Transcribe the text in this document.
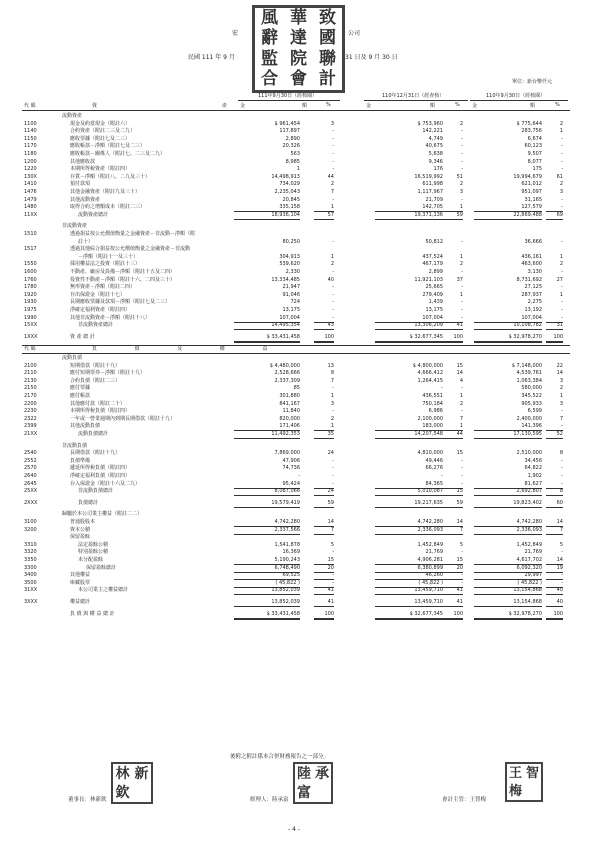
風 華 致
辭 達 國
監 院 聯
合 會 計
宏	公司
民國 111 年 9 月	31 日及 9 月 30 日
單位：新台幣仟元
111年9月30日（經核閱）	110年12月31日（經查核）	110年9月30日（經核閱）
代 碼	資	產	金	額	%	金	額	% 金	額	%
流動資產
1100	現金及約當現金（附註六）	$ 961,454	3	$ 753,960	2	$ 775,644	2
1140	合約資產（附註二三及二九）	117,897	-	142,221	-	283,756	1
1150	應收票據（附註七及二三）	2,890	-	4,749	-	6,674	-
1170	應收帳款－淨額（附註七及二三）	20,326	-	40,675	-	60,123	-
1180	應收帳款－關係人（附註七、二三及二九）	563	-	5,638	-	9,507	-
1200	其他應收款	8,985	-	9,346	-	8,077	-
1220	本期所得稅資產（附註四）	1	-	176	-	175	-
130X	存貨－淨額（附註八、二九及三十）	14,498,913	44	16,519,992	51	19,994,679	61
1410	預付款項	734,029	2	611,998	2	621,012	2
1476	其他金融資產（附註九及三十）	2,235,043	7	1,117,967	3	951,097	3
1479	其他流動資產	20,845	-	21,709	-	31,165	-
1480	取得合約之增額成本（附註二三）	335,158	1	142,705	1	127,579	-
11XX	流動資產總計	18,936,104	57	19,371,136	59	22,869,488	69
非流動資產
1510	透過損益按公允價值衡量之金融資產－非流動－淨額（附
註十）	80,250	-	50,812	-	36,666	-
1517	透過其他綜合損益按公允價值衡量之金融資產－非流動
－淨額（附註十一及三十）	304,913	1	437,524	1	436,161	1
1550	採用權益法之投資（附註十三）	539,620	2	467,179	2	463,600	2
1600	不動產、廠房及設備－淨額（附註十五及二四）	2,330	-	2,899	-	3,130	-
1760	投資性不動產－淨額（附註十六、二四及三十）	13,334,485	40	11,921,103	37	8,731,692	27
1780	無形資產－淨額（附註二四）	21,947	-	25,665	-	27,125	-
1920	存出保證金（附註十七）	91,046	-	279,409	1	287,937	1
1930	長期應收票據及款項－淨額（附註七及二三）	724	-	1,439	-	2,275	-
1975	淨確定福利資產（附註四）	13,175	-	13,175	-	13,192	-
1990	其他非流動資產－淨額（附註十八）	107,004	-	107,004	-	107,004	-
15XX	非流動資產總計	14,495,354	43	13,306,209	41	10,108,782	31
1XXX	資 產 總 計	$ 33,431,458	100	$ 32,677,345	100	$ 32,978,270	100
代 碼	負 債 及 權 益
流動負債
2100	短期借款（附註十九）	$ 4,480,000	13	$ 4,800,000	15	$ 7,148,000	22
2110	應付短期票券－淨額（附註十九）	2,528,666	8	4,666,412	14	4,539,761	14
2130	合約負債（附註二三）	2,337,309	7	1,264,415	4	1,063,384	3
2150	應付票據	85	-	-	-	580,000	2
2170	應付帳款	301,880	1	436,551	1	345,522	1
2200	其他應付款（附註二十）	841,167	3	750,184	2	905,933	3
2230	本期所得稅負債（附註四）	11,840	-	6,986	-	6,599	-
2322	一年或一營業週期內到期長期借款（附註十九）	820,000	2	2,100,000	7	2,400,000	7
2399	其他流動負債	171,406	1	183,000	1	141,396	-
21XX	流動負債總計	11,492,353	35	14,207,548	44	17,130,595	52
非流動負債
2540	長期借款（附註十九）	7,869,000	24	4,810,000	15	2,510,000	8
2552	負債準備	47,906	-	49,446	-	34,456	-
2570	遞延所得稅負債（附註四）	74,736	-	66,276	-	64,822	-
2640	淨確定福利負債（附註四）	-	-	-	-	1,902	-
2645	存入保證金（附註十六及二九）	95,424	-	84,365	-	81,627	-
25XX	非流動負債總計	8,087,066	24	5,010,087	15	2,692,807	8
2XXX	負債總計	19,579,419	59	19,217,635	59	19,823,402	60
歸屬於本公司業主權益（附註二二）
3100	普通股股本	4,742,280	14	4,742,280	14	4,742,280	14
3200	資本公積	2,337,566	7	2,336,093	7	2,336,093	7
保留盈餘
3310	法定盈餘公積	1,541,878	5	1,452,849	5	1,452,849	5
3320	特別盈餘公積	16,369	-	21,769	-	21,769	-
3350	未分配盈餘	5,190,243	15	4,906,281	15	4,617,702	14
3300	保留盈餘總計	6,748,490	20	6,380,899	20	6,092,320	19
3400	其他權益	69,525	-	46,260	-	29,997	-
3500	庫藏股票	( 45,822 )	-	( 45,822 )	-	( 45,822 )	-
31XX	本公司業主之權益總計	13,852,039	41	13,459,710	41	13,154,868	40
3XXX	權益總計	13,852,039	41	13,459,710	41	13,154,868	40
負 債 與 權 益 總 計	$ 33,431,458	100	$ 32,677,345	100	$ 32,978,270	100
後附之附註係本合併財務報告之一部分。
董事長：林新欽
林 新
欽	經理人：陸承富
陸 承
富	會計主管：王智梅
王 智
梅
- 4 -
